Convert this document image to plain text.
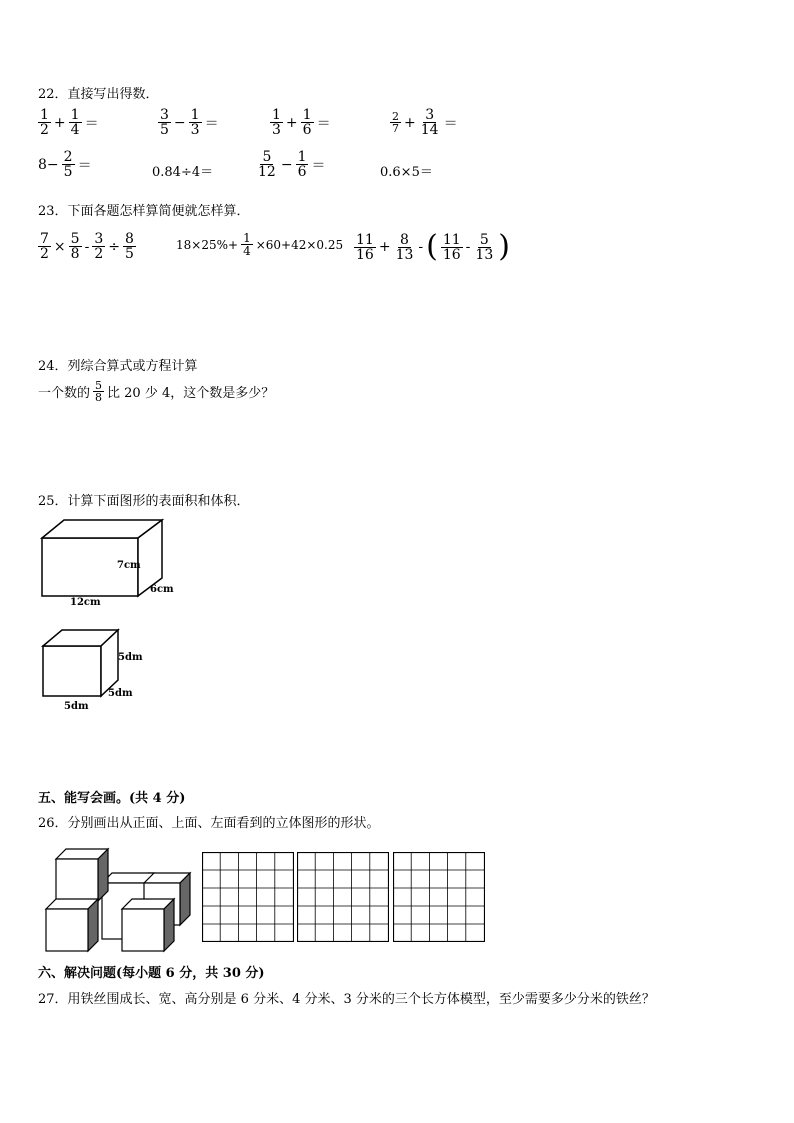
22．直接写出得数．
$\frac{1}{2} + \frac{1}{4}$ ＝	$\frac{3}{5} - \frac{1}{3}$ ＝	$\frac{1}{3} + \frac{1}{6}$ ＝	$\frac{2}{7} + \frac{3}{14}$ ＝
$8- \frac{2}{5}$ ＝	0.84÷4＝	$\frac{5}{12} - \frac{1}{6}$ ＝	0.6×5＝
23．下面各题怎样算简便就怎样算．
$\frac{7}{2} \times \frac{5}{8} - \frac{3}{2} \div \frac{8}{5}$	$18\times 25\%+ \frac{1}{4} \times 60+42\times 0.25 \frac{11}{16} + \frac{8}{13}$ - ( $\frac{11}{16} - \frac{5}{13}$ )
24．列综合算式或方程计算
一个数的 $\frac{5}{8}$ 比 20 少 4，这个数是多少？
25．计算下面图形的表面积和体积．
7cm
6cm
12cm
5dm
5dm
5dm
五、能写会画。(共 4 分)
26．分别画出从正面、上面、左面看到的立体图形的形状。
六、解决问题(每小题 6 分，共 30 分)
27．用铁丝围成长、宽、高分别是 6 分米、4 分米、3 分米的三个长方体模型，至少需要多少分米的铁丝？
